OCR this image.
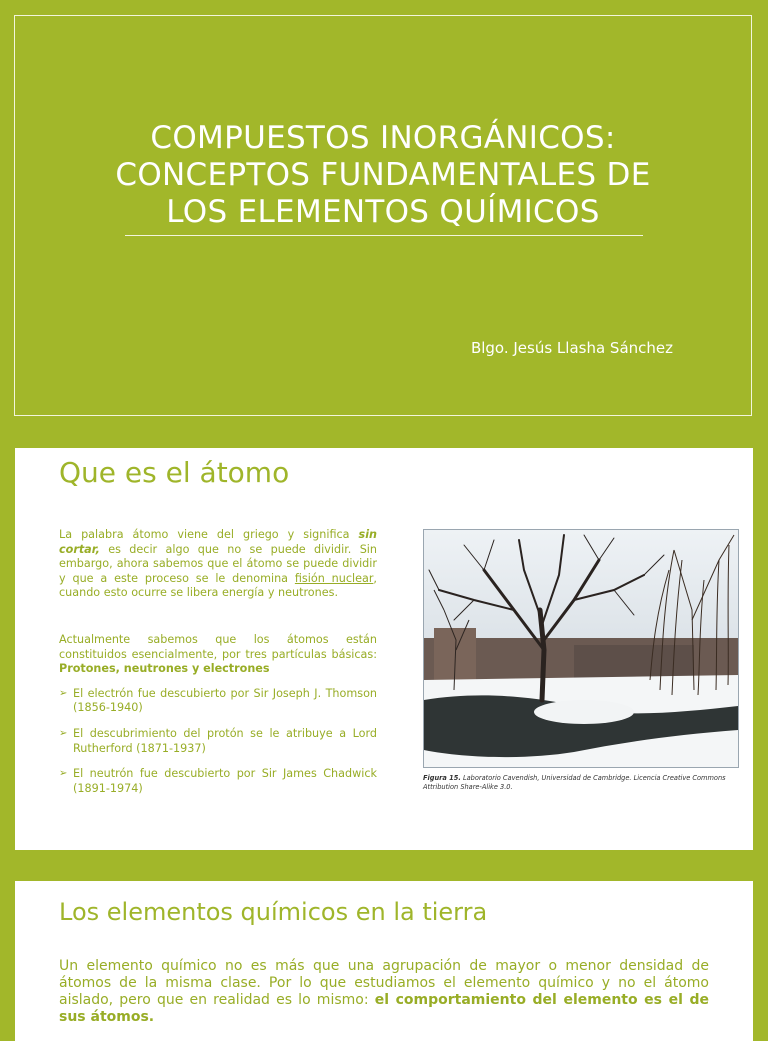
COMPUESTOS INORGÁNICOS:
CONCEPTOS FUNDAMENTALES DE
LOS ELEMENTOS QUÍMICOS
Blgo. Jesús Llasha Sánchez
Que es el átomo

La palabra átomo viene del griego y significa sin cortar, es decir algo que no se puede dividir. Sin embargo, ahora sabemos que el átomo se puede dividir y que a este proceso se le denomina fisión nuclear, cuando esto ocurre se libera energía y neutrones.

Actualmente sabemos que los átomos están constituidos esencialmente, por tres partículas básicas: Protones, neutrones y electrones

➢ El electrón fue descubierto por Sir Joseph J. Thomson (1856-1940)
➢ El descubrimiento del protón se le atribuye a Lord Rutherford (1871-1937)
➢ El neutrón fue descubierto por Sir James Chadwick (1891-1974)
Figura 15. Laboratorio Cavendish, Universidad de Cambridge. Licencia Creative Commons Attribution Share-Alike 3.0.
Los elementos químicos en la tierra
Un elemento químico no es más que una agrupación de mayor o menor densidad de átomos de la misma clase. Por lo que estudiamos el elemento químico y no el átomo aislado, pero que en realidad es lo mismo: el comportamiento del elemento es el de sus átomos.
